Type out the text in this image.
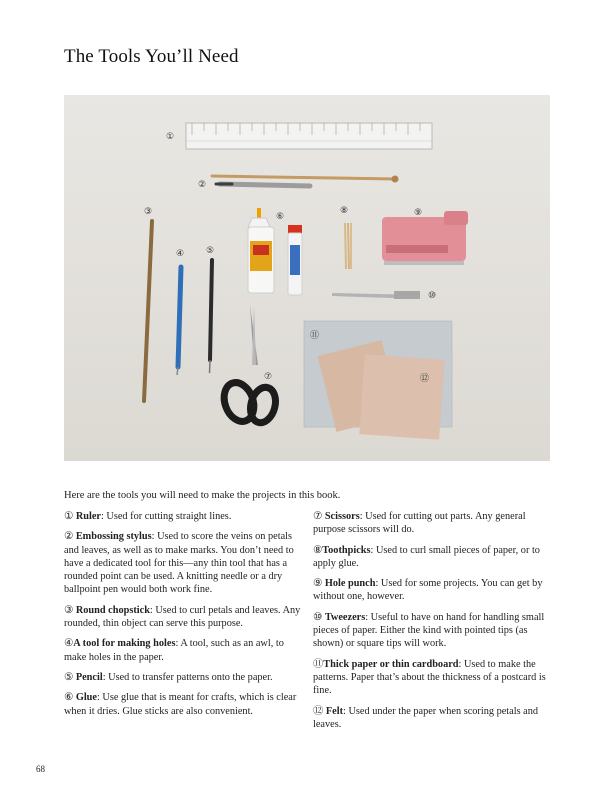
The Tools You’ll Need
①
②
③
④ ⑤
⑥
⑦
⑧	⑨
⑩
⑪
⑫

Here are the tools you will need to make the projects in this book.

① Ruler: Used for cutting straight lines.

② Embossing stylus: Used to score the veins on petals and leaves, as well as to make marks. You don’t need to have a dedicated tool for this—any thin tool that has a rounded point can be used. A knitting needle or a dry ballpoint pen would both work fine.

③ Round chopstick: Used to curl petals and leaves. Any rounded, thin object can serve this purpose.

④A tool for making holes: A tool, such as an awl, to make holes in the paper.

⑤ Pencil: Used to transfer patterns onto the paper.

⑥ Glue: Use glue that is meant for crafts, which is clear when it dries. Glue sticks are also convenient.

⑦ Scissors: Used for cutting out parts. Any general purpose scissors will do.

⑧Toothpicks: Used to curl small pieces of paper, or to apply glue.

⑨ Hole punch: Used for some projects. You can get by without one, however.

⑩ Tweezers: Useful to have on hand for handling small pieces of paper. Either the kind with pointed tips (as shown) or square tips will work.

⑪Thick paper or thin cardboard: Used to make the patterns. Paper that’s about the thickness of a postcard is fine.

⑫ Felt: Used under the paper when scoring petals and leaves.

68
